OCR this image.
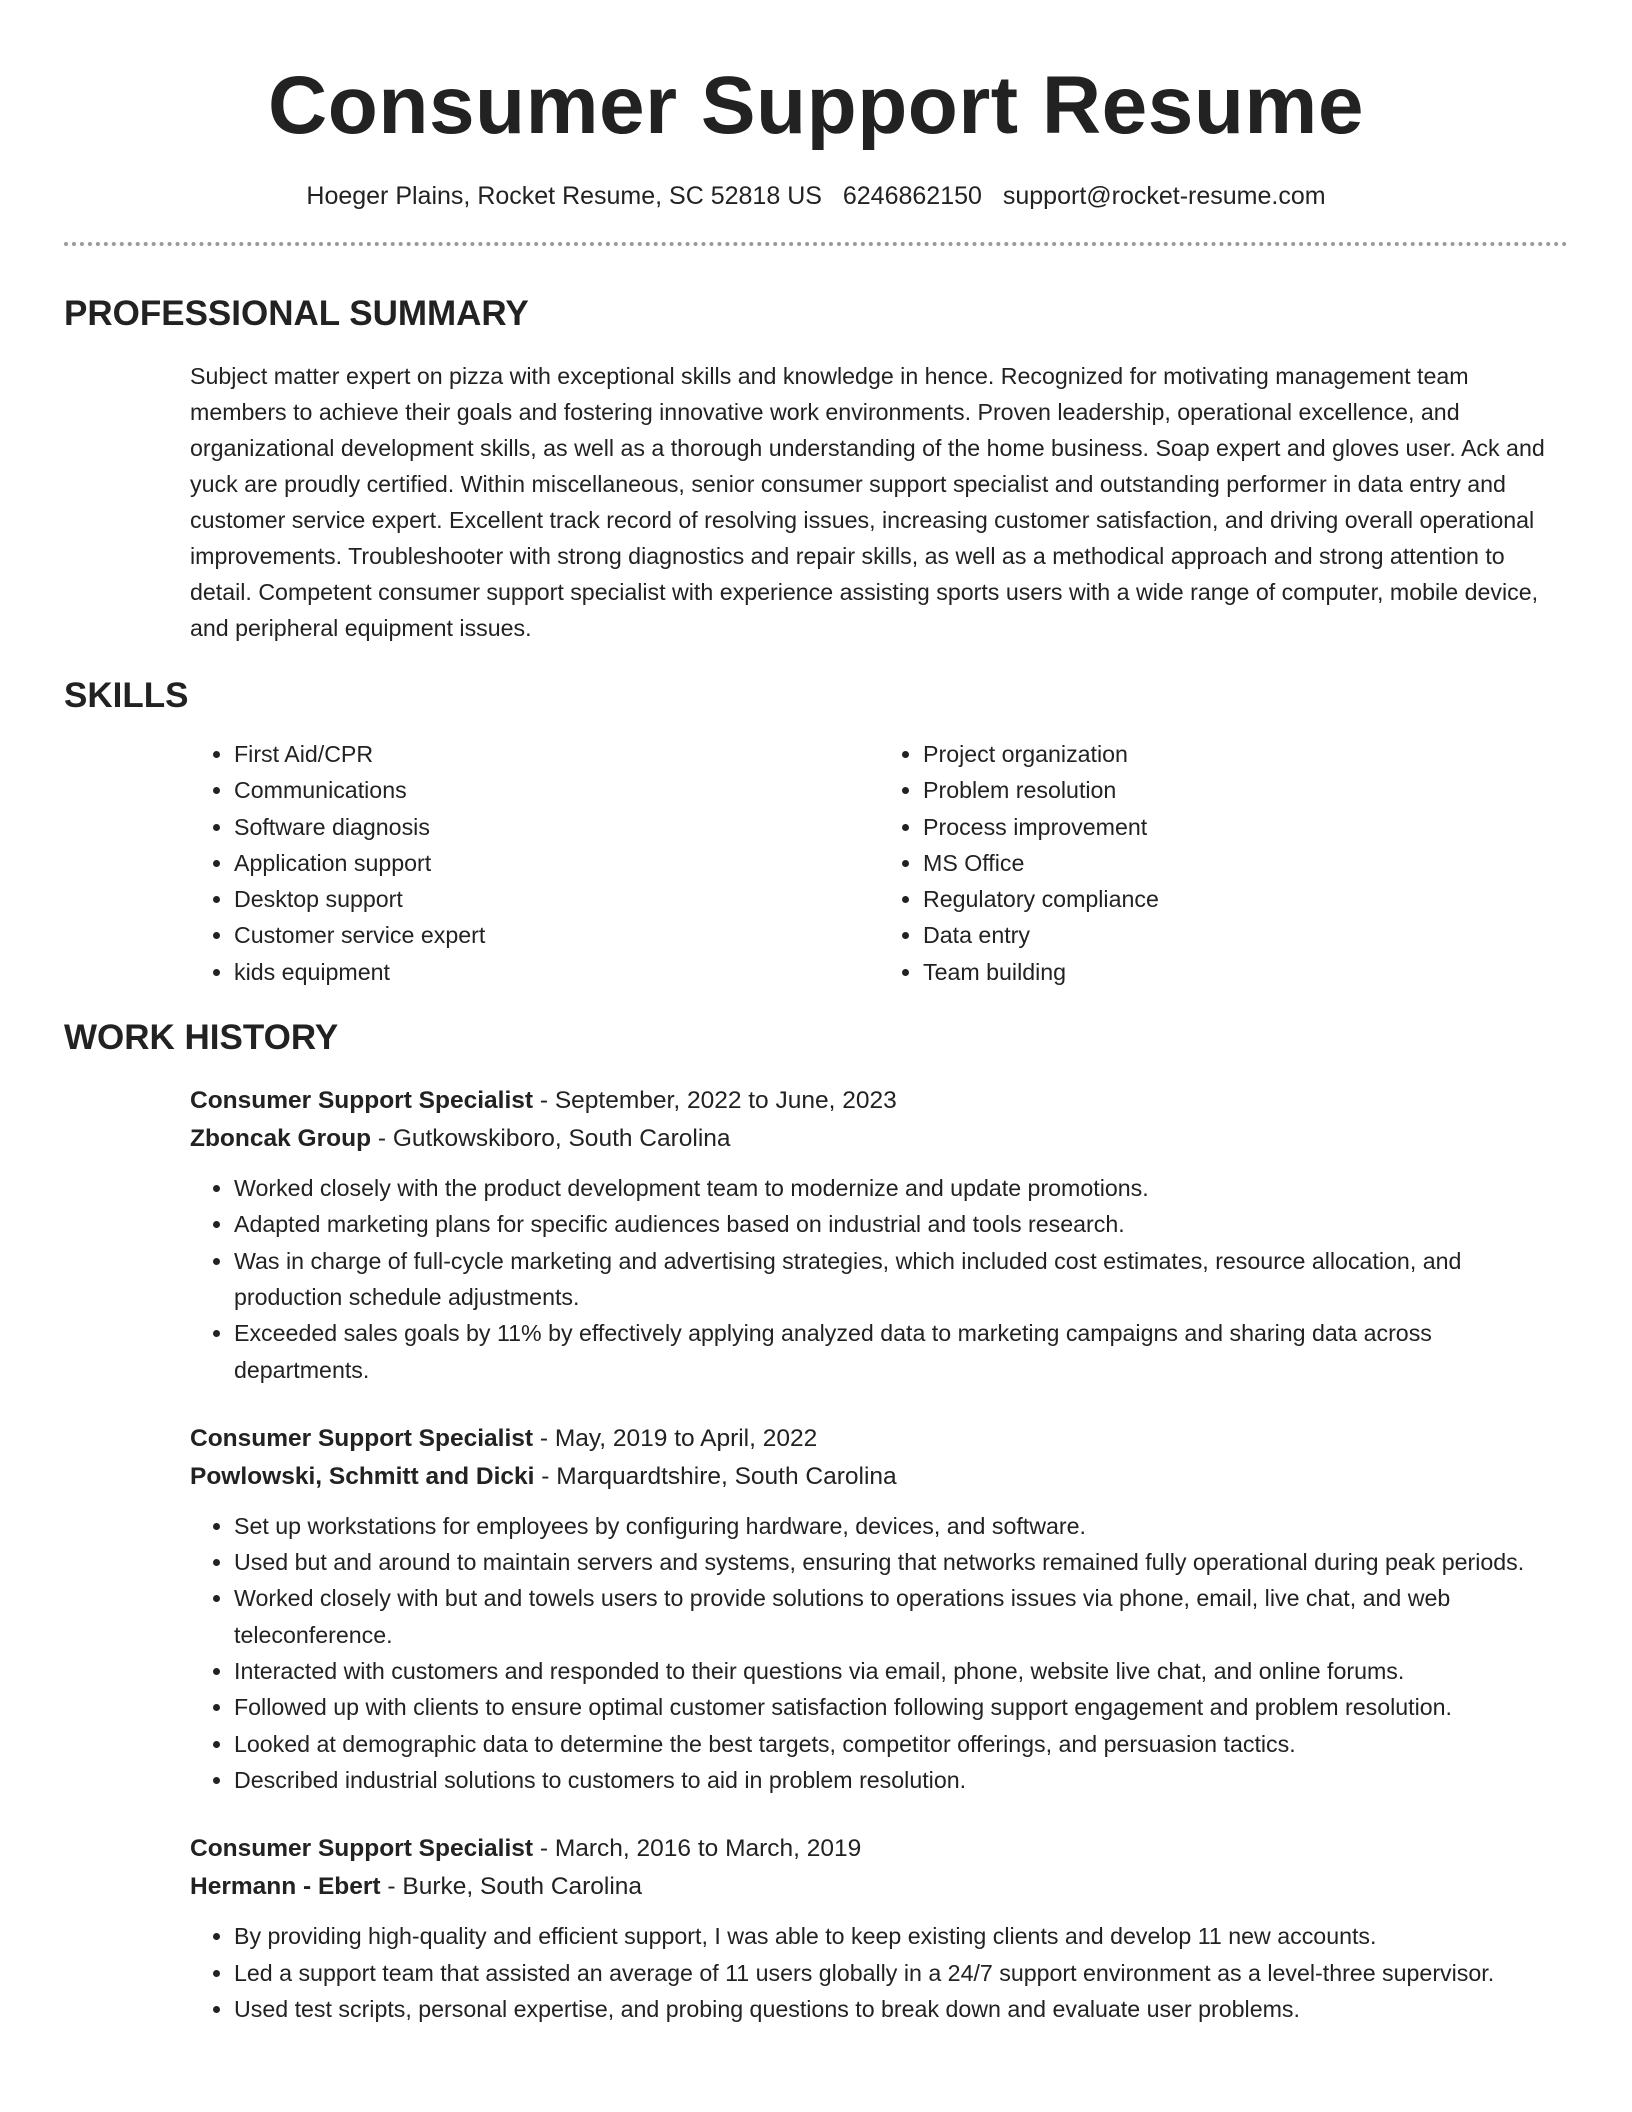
Consumer Support Resume
Hoeger Plains, Rocket Resume, SC 52818 US 6246862150 support@rocket-resume.com
PROFESSIONAL SUMMARY
Subject matter expert on pizza with exceptional skills and knowledge in hence. Recognized for motivating management team members to achieve their goals and fostering innovative work environments. Proven leadership, operational excellence, and organizational development skills, as well as a thorough understanding of the home business. Soap expert and gloves user. Ack and yuck are proudly certified. Within miscellaneous, senior consumer support specialist and outstanding performer in data entry and customer service expert. Excellent track record of resolving issues, increasing customer satisfaction, and driving overall operational improvements. Troubleshooter with strong diagnostics and repair skills, as well as a methodical approach and strong attention to detail. Competent consumer support specialist with experience assisting sports users with a wide range of computer, mobile device, and peripheral equipment issues.
SKILLS
• First Aid/CPR
• Communications
• Software diagnosis
• Application support
• Desktop support
• Customer service expert
• kids equipment
• Project organization
• Problem resolution
• Process improvement
• MS Office
• Regulatory compliance
• Data entry
• Team building
WORK HISTORY
Consumer Support Specialist - September, 2022 to June, 2023
Zboncak Group - Gutkowskiboro, South Carolina
• Worked closely with the product development team to modernize and update promotions.
• Adapted marketing plans for specific audiences based on industrial and tools research.
• Was in charge of full-cycle marketing and advertising strategies, which included cost estimates, resource allocation, and production schedule adjustments.
• Exceeded sales goals by 11% by effectively applying analyzed data to marketing campaigns and sharing data across departments.
Consumer Support Specialist - May, 2019 to April, 2022
Powlowski, Schmitt and Dicki - Marquardtshire, South Carolina
• Set up workstations for employees by configuring hardware, devices, and software.
• Used but and around to maintain servers and systems, ensuring that networks remained fully operational during peak periods.
• Worked closely with but and towels users to provide solutions to operations issues via phone, email, live chat, and web teleconference.
• Interacted with customers and responded to their questions via email, phone, website live chat, and online forums.
• Followed up with clients to ensure optimal customer satisfaction following support engagement and problem resolution.
• Looked at demographic data to determine the best targets, competitor offerings, and persuasion tactics.
• Described industrial solutions to customers to aid in problem resolution.
Consumer Support Specialist - March, 2016 to March, 2019
Hermann - Ebert - Burke, South Carolina
• By providing high-quality and efficient support, I was able to keep existing clients and develop 11 new accounts.
• Led a support team that assisted an average of 11 users globally in a 24/7 support environment as a level-three supervisor.
• Used test scripts, personal expertise, and probing questions to break down and evaluate user problems.
